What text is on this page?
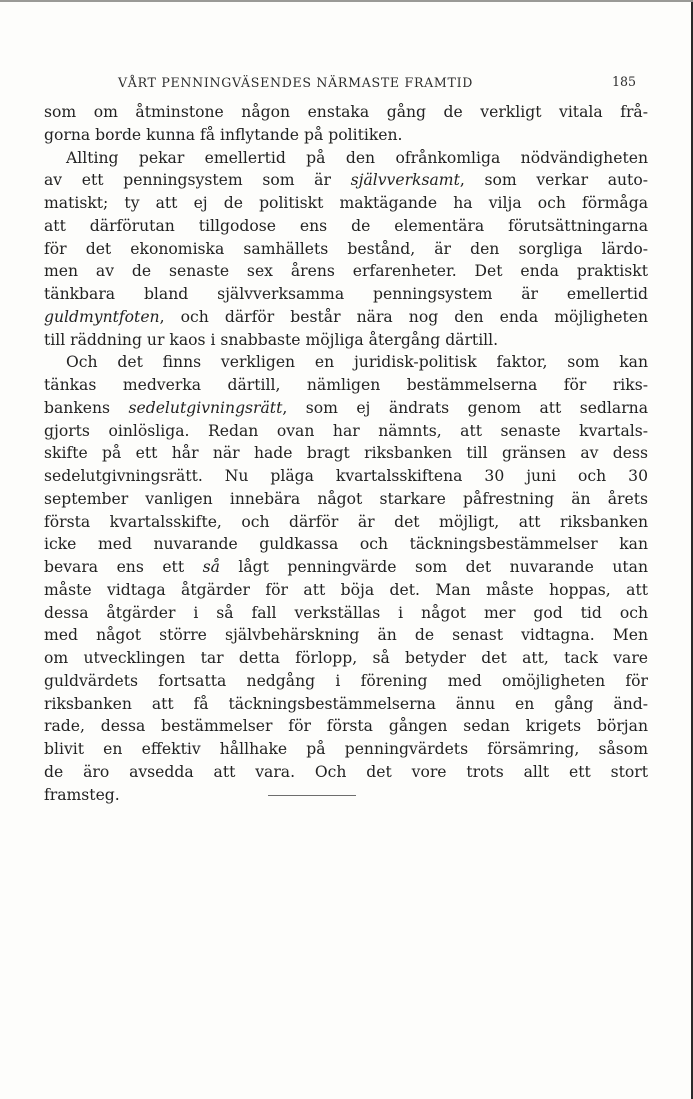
VÅRT PENNINGVÄSENDES NÄRMASTE FRAMTID	185
som om åtminstone någon enstaka gång de verkligt vitala frå-
gorna borde kunna få inflytande på politiken.
Allting pekar emellertid på den ofrånkomliga nödvändigheten
av ett penningsystem som är självverksamt, som verkar auto-
matiskt; ty att ej de politiskt maktägande ha vilja och förmåga
att därförutan tillgodose ens de elementära förutsättningarna
för det ekonomiska samhällets bestånd, är den sorgliga lärdo-
men av de senaste sex årens erfarenheter. Det enda praktiskt
tänkbara bland självverksamma penningsystem är emellertid
guldmyntfoten, och därför består nära nog den enda möjligheten
till räddning ur kaos i snabbaste möjliga återgång därtill.
Och det finns verkligen en juridisk-politisk faktor, som kan
tänkas medverka därtill, nämligen bestämmelserna för riks-
bankens sedelutgivningsrätt, som ej ändrats genom att sedlarna
gjorts oinlösliga. Redan ovan har nämnts, att senaste kvartals-
skifte på ett hår när hade bragt riksbanken till gränsen av dess
sedelutgivningsrätt. Nu pläga kvartalsskiftena 30 juni och 30
september vanligen innebära något starkare påfrestning än årets
första kvartalsskifte, och därför är det möjligt, att riksbanken
icke med nuvarande guldkassa och täckningsbestämmelser kan
bevara ens ett så lågt penningvärde som det nuvarande utan
måste vidtaga åtgärder för att böja det. Man måste hoppas, att
dessa åtgärder i så fall verkställas i något mer god tid och
med något större självbehärskning än de senast vidtagna. Men
om utvecklingen tar detta förlopp, så betyder det att, tack vare
guldvärdets fortsatta nedgång i förening med omöjligheten för
riksbanken att få täckningsbestämmelserna ännu en gång änd-
rade, dessa bestämmelser för första gången sedan krigets början
blivit en effektiv hållhake på penningvärdets försämring, såsom
de äro avsedda att vara. Och det vore trots allt ett stort
framsteg.
